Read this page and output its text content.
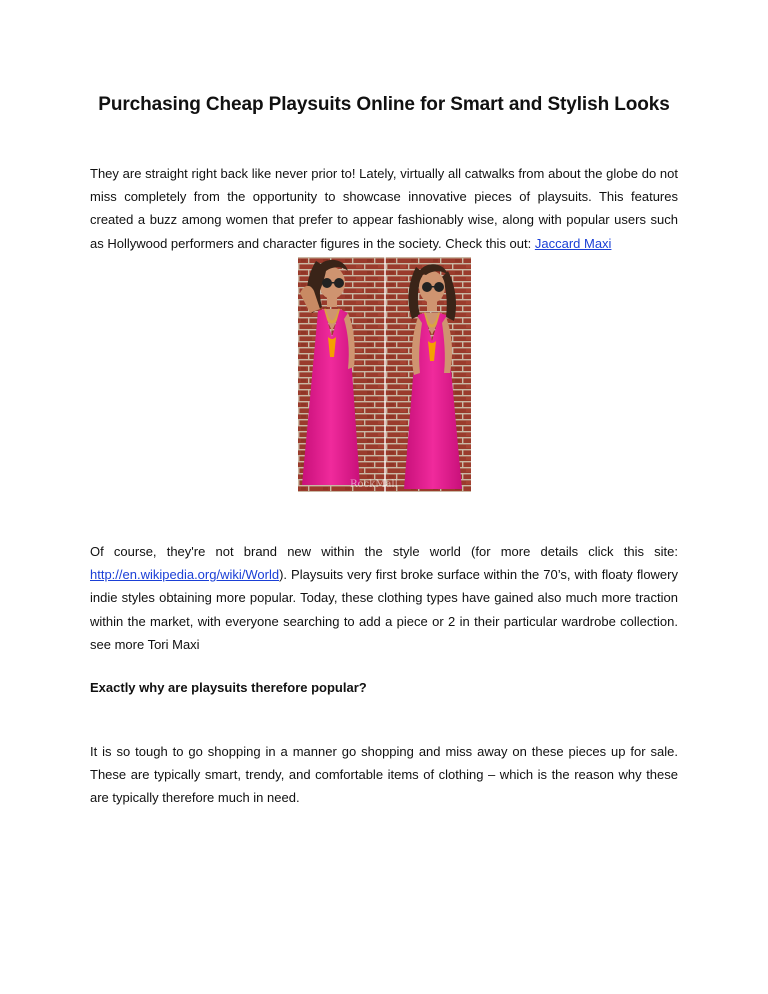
Purchasing Cheap Playsuits Online for Smart and Stylish Looks
They are straight right back like never prior to! Lately, virtually all catwalks from about the globe do not miss completely from the opportunity to showcase innovative pieces of playsuits. This features created a buzz among women that prefer to appear fashionably wise, along with popular users such as Hollywood performers and character figures in the society. Check this out: Jaccard Maxi
RockMall
Of course, they're not brand new within the style world (for more details click this site: http://en.wikipedia.org/wiki/World). Playsuits very first broke surface within the 70’s, with floaty flowery indie styles obtaining more popular. Today, these clothing types have gained also much more traction within the market, with everyone searching to add a piece or 2 in their particular wardrobe collection. see more Tori Maxi
Exactly why are playsuits therefore popular?
It is so tough to go shopping in a manner go shopping and miss away on these pieces up for sale. These are typically smart, trendy, and comfortable items of clothing – which is the reason why these are typically therefore much in need.
